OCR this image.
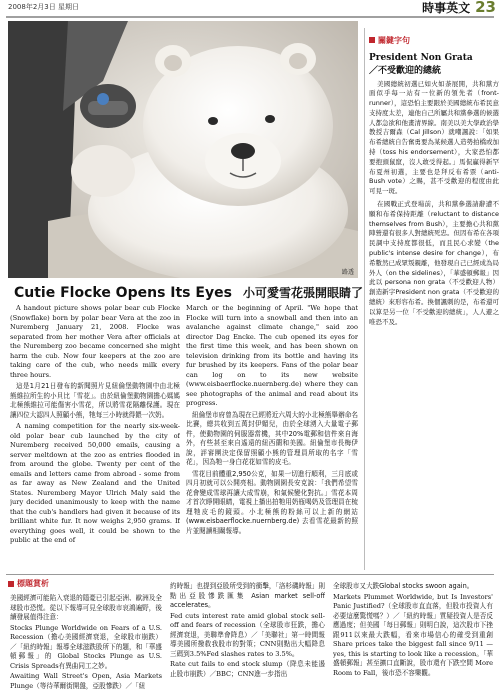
2008年2月3日 星期日	時事英文 23
路透
Cutie Flocke Opens Its Eyes 小可愛雪花張開眼睛了

A handout picture shows polar bear cub Flocke (Snowflake) born by polar bear Vera at the zoo in Nuremberg January 21, 2008. Flocke was separated from her mother Vera after officials at the Nuremberg zoo became concerned she might harm the cub. Now four keepers at the zoo are taking care of the cub, who needs milk every three hours.

這是1月21日發布的新聞照片見紐倫堡動物園中由北極熊維拉所生的小貝比「雪花」。由於紐倫堡動物園擔心媽媽北極熊維拉可能傷害小雪花，所以將雪花隔離保護。現在讓四位大認四人照顧小熊，牠每三小時就得餵一次奶。

A naming competition for the nearly six-week-old polar bear cub launched by the city of Nuremberg received 50,000 emails, causing a server meltdown at the zoo as entries flooded in from around the globe. Twenty per cent of the emails and letters came from abroad - some from as far away as New Zealand and the United States. Nuremberg Mayor Ulrich Maly said the jury decided unanimously to keep with the name that the cub's handlers had given it because of its brilliant white fur. It now weighs 2,950 grams. If everything goes well, it could be shown to the public at the end of

March or the beginning of April. "We hope that Flocke will turn into a snowball and then into an avalanche against climate change," said zoo director Dag Encke. The cub opened its eyes for the first time this week, and has been shown on television drinking from its bottle and having its fur brushed by its keepers. Fans of the polar bear can log on to its new website (www.eisbaerflocke.nuernberg.de) where they can see photographs of the animal and read about its progress.

紐倫堡市府曾為現在已經將近六周大的小北極熊舉辦命名比賽，總共收到五萬封伊媚兒，由於全球湧入大量電子郵件，使動物園的伺服器當機，其中20%電郵和信件來自海外，有些甚至來自遙遠的紐西蘭和美國。紐倫堡市長梅伊說，評審團決定保留照顧小熊的管理員所取的名字「雪花」，因為牠一身白花花如雪的皮毛。

雪花目前體重2,950公克，如果一切進行順利，三月底或四月初就可以公開亮相。動物園園長安克說：「我們希望雪花會變成雪球再讓大成雪崩，和氣候變化對抗。」雪花本周才首次睜開眼睛，電視上播出拍牠用奶瓶喝奶及管理員在梳理牠皮毛的鏡頭。小北極熊的粉絲可以上新的網站(www.eisbaerflocke.nuernberg.de) 去看雪花最新的照片並閱讀相關報導。

關鍵字句
President Non Grata
／不受歡迎的總統

美國總統初選已如火如荼展開，共和黨方面似乎每一站有一位新的領先者（front-runner），這恐怕主要跟於美國總統布希民意支持度太差，連他自己所屬共和黨參選的候選人都急欲和他畫清界線。南美以美大學政治學教授吉爾森（Cal Jillson）就嘲諷說：「如果布希總統自告奮勇要為某候選人造勢拍橋或加持（toss his endorsement），大家恐怕都要抱頭鼠竄，沒人敢受得起。」馬侃贏得新罕布夏州初選，主要也是拜反布希票（anti-Bush vote）之賜，甚不受歡迎的程度由此可見一斑。

在國戰正式登場前，共和黨參選請辭遭不願和布希保持距離（reluctant to distance themselves from Bush），主要擔心共和黨陣營還有很多人對總統死忠。但因布希在各項民調中支持度都很低，而且民心求變（the public's intense desire for change），布希數然已成眾叛親離，他發現自己已經成為局外人（on the sidelines），「華盛頓郵報」因此以 persona non grata（不受歡迎人物）創造新字President non grata（不受歡迎的總統）來形容布希。換個諷刺的是，布希還可以算是另一位「不受歡迎的總統」，人人避之唯恐不及。

標題賞析

美國經濟可能陷入衰退的隱憂已引起亞洲、歐洲及全球股市恐慌。從以下報導可見全球股市哀鴻遍野，後續發展值得注意：

Stocks Plunge Worldwide on Fears of a U.S. Recession（擔心美國經濟衰退，全球股市崩跌）／「紐約時報」報導全球滋跌股所下的題，和「華盛頓郵報」的 Global Stocks Plunge as U.S. Crisis Spreads有異曲同工之妙。

Awaiting Wall Street's Open, Asia Markets Plunge（等待華爾街開盤，亞股慘跌）／「紐

約時報」也提到亞股所受到的衝擊，「洛杉磯時報」則點出亞股慘跌匯集 Asian market sell-off accelerates。

Fed cuts interest rate amid global stock sell-off and fears of recession（全球股市狂跌，擔心經濟衰退，美聯準會降息）／「美聯社」第一時間報導美國所撥救我股市的對策；CNN則點出大幅降息三碼到3.5%Fed slashes rates to 3.5%。

Rate cut fails to end stock slump（降息未能遏止股市崩跌）／BBC；CNN進一步指出

全球股市又大跌Global stocks swoon again。

Markets Plummet Worldwide, but Is Investors' Panic Justified?（全球股市直直落，但股市投資人有必要這麼驚慌嗎？）／「紐約時報」質疑投資人是否反應過度；但美國「每日郵報」則明白說，這次股市下挫跟911以來最大跌幅，看來市場信心的確受到重創Share prices take the biggest fall since 9/11 — yes, this is starting to look like a recession。「華盛頓郵報」甚至擴口直斷說，股市還有下跌空間 More Room to Fall，後市恐不容樂觀。
